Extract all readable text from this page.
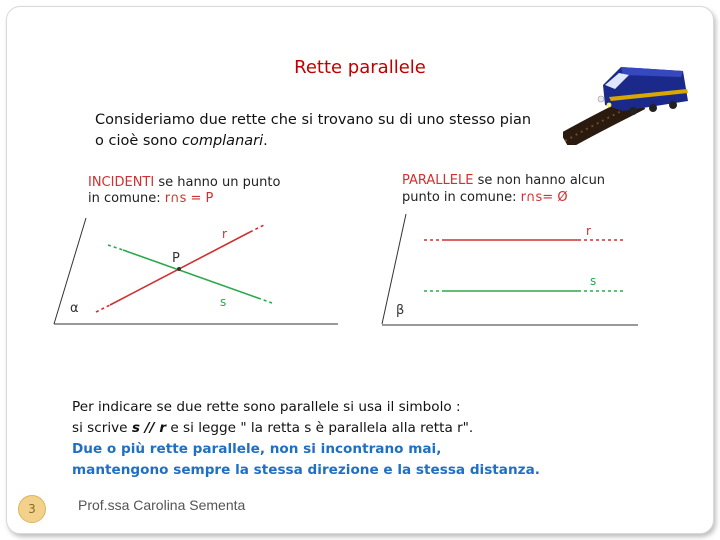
Rette parallele
Consideriamo due rette che si trovano su di uno stesso pian o cioè sono complanari.
INCIDENTI se hanno un punto
in comune: r∩s = P
α
r
s
P
PARALLELE se non hanno alcun
punto in comune: r∩s= Ø
β
r
s
Per indicare se due rette sono parallele si usa il simbolo :
si scrive s // r e si legge " la retta s è parallela alla retta r".
Due o più rette parallele, non si incontrano mai,
mantengono sempre la stessa direzione e la stessa distanza.
3	Prof.ssa Carolina Sementa
